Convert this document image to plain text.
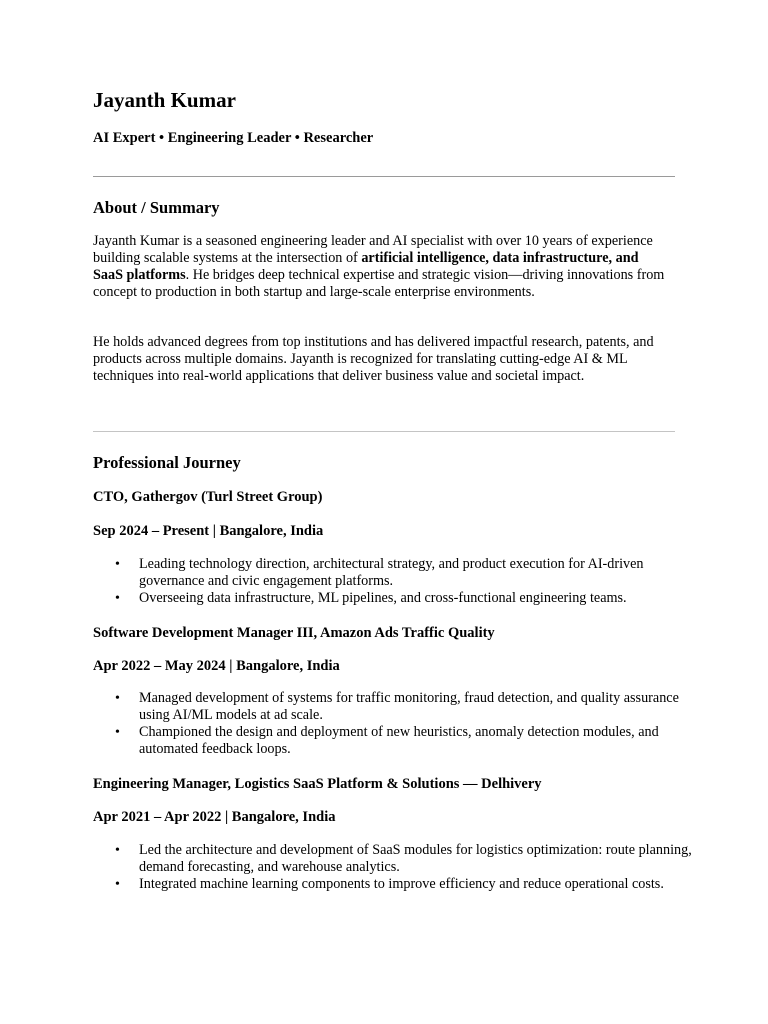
Jayanth Kumar
AI Expert • Engineering Leader • Researcher
About / Summary

Jayanth Kumar is a seasoned engineering leader and AI specialist with over 10 years of experience building scalable systems at the intersection of artificial intelligence, data infrastructure, and SaaS platforms. He bridges deep technical expertise and strategic vision—driving innovations from concept to production in both startup and large-scale enterprise environments.

He holds advanced degrees from top institutions and has delivered impactful research, patents, and products across multiple domains. Jayanth is recognized for translating cutting-edge AI & ML techniques into real-world applications that deliver business value and societal impact.

Professional Journey
CTO, Gathergov (Turl Street Group)
Sep 2024 – Present | Bangalore, India
• Leading technology direction, architectural strategy, and product execution for AI-driven governance and civic engagement platforms.
• Overseeing data infrastructure, ML pipelines, and cross-functional engineering teams.
Software Development Manager III, Amazon Ads Traffic Quality
Apr 2022 – May 2024 | Bangalore, India
• Managed development of systems for traffic monitoring, fraud detection, and quality assurance using AI/ML models at ad scale.
• Championed the design and deployment of new heuristics, anomaly detection modules, and automated feedback loops.
Engineering Manager, Logistics SaaS Platform & Solutions — Delhivery
Apr 2021 – Apr 2022 | Bangalore, India
• Led the architecture and development of SaaS modules for logistics optimization: route planning, demand forecasting, and warehouse analytics.
• Integrated machine learning components to improve efficiency and reduce operational costs.
